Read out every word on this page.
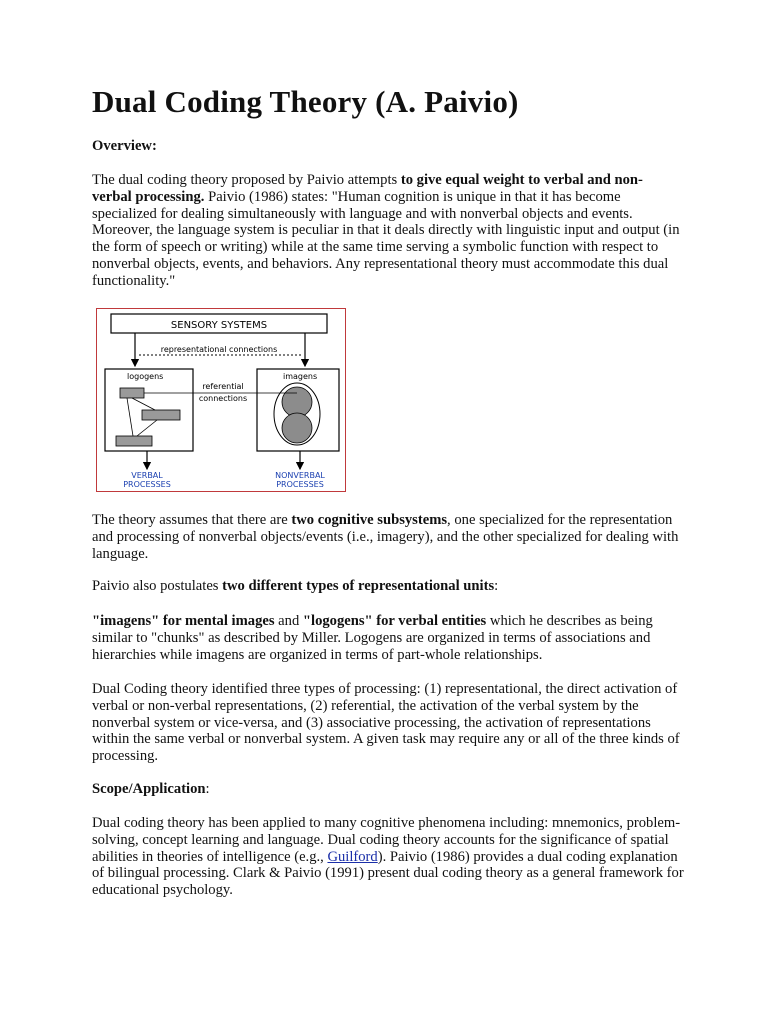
Dual Coding Theory (A. Paivio)

Overview:

The dual coding theory proposed by Paivio attempts to give equal weight to verbal and non-
verbal processing. Paivio (1986) states: "Human cognition is unique in that it has become specialized for dealing simultaneously with language and with nonverbal objects and events. Moreover, the language system is peculiar in that it deals directly with linguistic input and output (in the form of speech or writing) while at the same time serving a symbolic function with respect to nonverbal objects, events, and behaviors. Any representational theory must accommodate this dual functionality."

SENSORY SYSTEMS
representational connections
logogens	imagens
referential
connections
VERBAL
PROCESSES
NONVERBAL
PROCESSES

The theory assumes that there are two cognitive subsystems, one specialized for the representation and processing of nonverbal objects/events (i.e., imagery), and the other specialized for dealing with language.

Paivio also postulates two different types of representational units:

"imagens" for mental images and "logogens" for verbal entities which he describes as being similar to "chunks" as described by Miller. Logogens are organized in terms of associations and hierarchies while imagens are organized in terms of part-whole relationships.

Dual Coding theory identified three types of processing: (1) representational, the direct activation of verbal or non-verbal representations, (2) referential, the activation of the verbal system by the nonverbal system or vice-versa, and (3) associative processing, the activation of representations within the same verbal or nonverbal system. A given task may require any or all of the three kinds of processing.

Scope/Application:

Dual coding theory has been applied to many cognitive phenomena including: mnemonics, problem-solving, concept learning and language. Dual coding theory accounts for the significance of spatial abilities in theories of intelligence (e.g., Guilford). Paivio (1986) provides a dual coding explanation of bilingual processing. Clark & Paivio (1991) present dual coding theory as a general framework for educational psychology.
